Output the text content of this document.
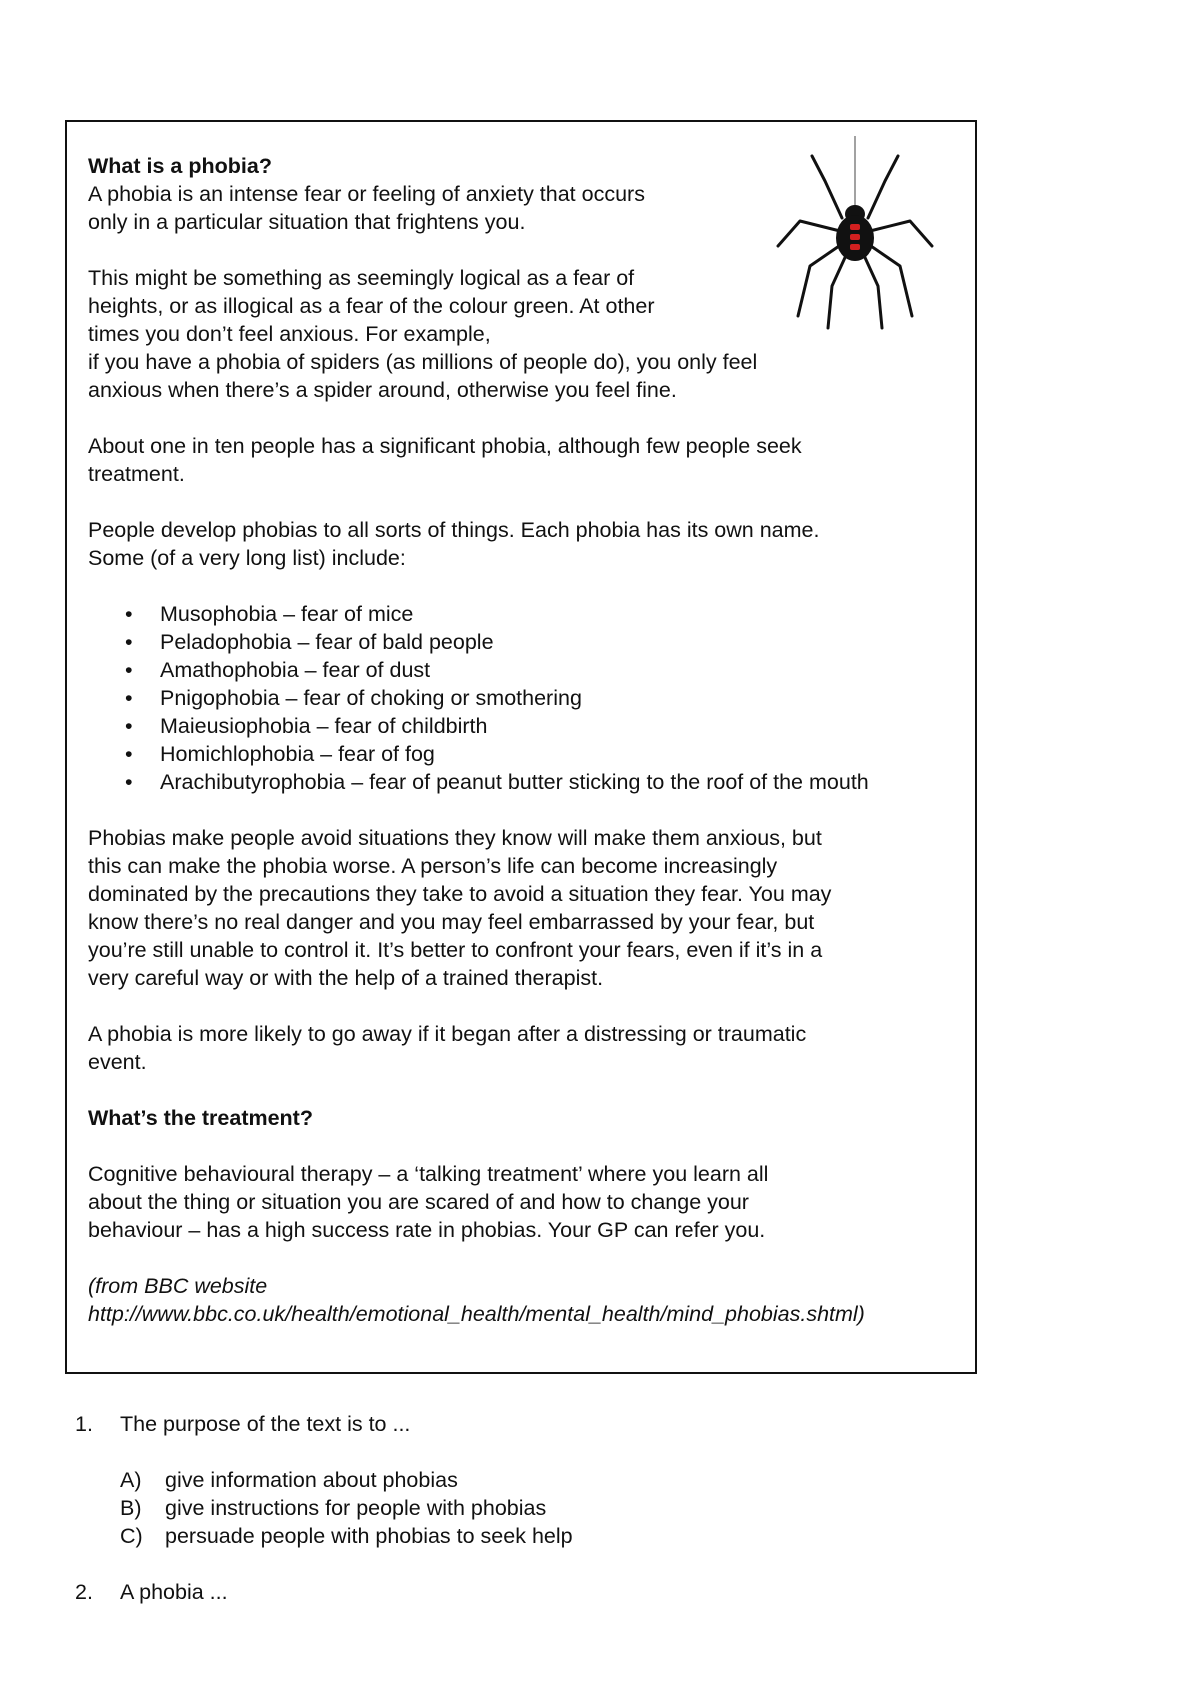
What is a phobia?

A phobia is an intense fear or feeling of anxiety that occurs
only in a particular situation that frightens you.

This might be something as seemingly logical as a fear of
heights, or as illogical as a fear of the colour green. At other
times you don’t feel anxious. For example,
if you have a phobia of spiders (as millions of people do), you only feel
anxious when there’s a spider around, otherwise you feel fine.

About one in ten people has a significant phobia, although few people seek
treatment.

People develop phobias to all sorts of things. Each phobia has its own name.
Some (of a very long list) include:

• Musophobia – fear of mice
• Peladophobia – fear of bald people
• Amathophobia – fear of dust
• Pnigophobia – fear of choking or smothering
• Maieusiophobia – fear of childbirth
• Homichlophobia – fear of fog
• Arachibutyrophobia – fear of peanut butter sticking to the roof of the mouth

Phobias make people avoid situations they know will make them anxious, but
this can make the phobia worse. A person’s life can become increasingly
dominated by the precautions they take to avoid a situation they fear. You may
know there’s no real danger and you may feel embarrassed by your fear, but
you’re still unable to control it. It’s better to confront your fears, even if it’s in a
very careful way or with the help of a trained therapist.

A phobia is more likely to go away if it began after a distressing or traumatic
event.

What’s the treatment?

Cognitive behavioural therapy – a ‘talking treatment’ where you learn all
about the thing or situation you are scared of and how to change your
behaviour – has a high success rate in phobias. Your GP can refer you.

(from BBC website
http://www.bbc.co.uk/health/emotional_health/mental_health/mind_phobias.shtml)

1. The purpose of the text is to ...
A) give information about phobias
B) give instructions for people with phobias
C) persuade people with phobias to seek help
2. A phobia ...
